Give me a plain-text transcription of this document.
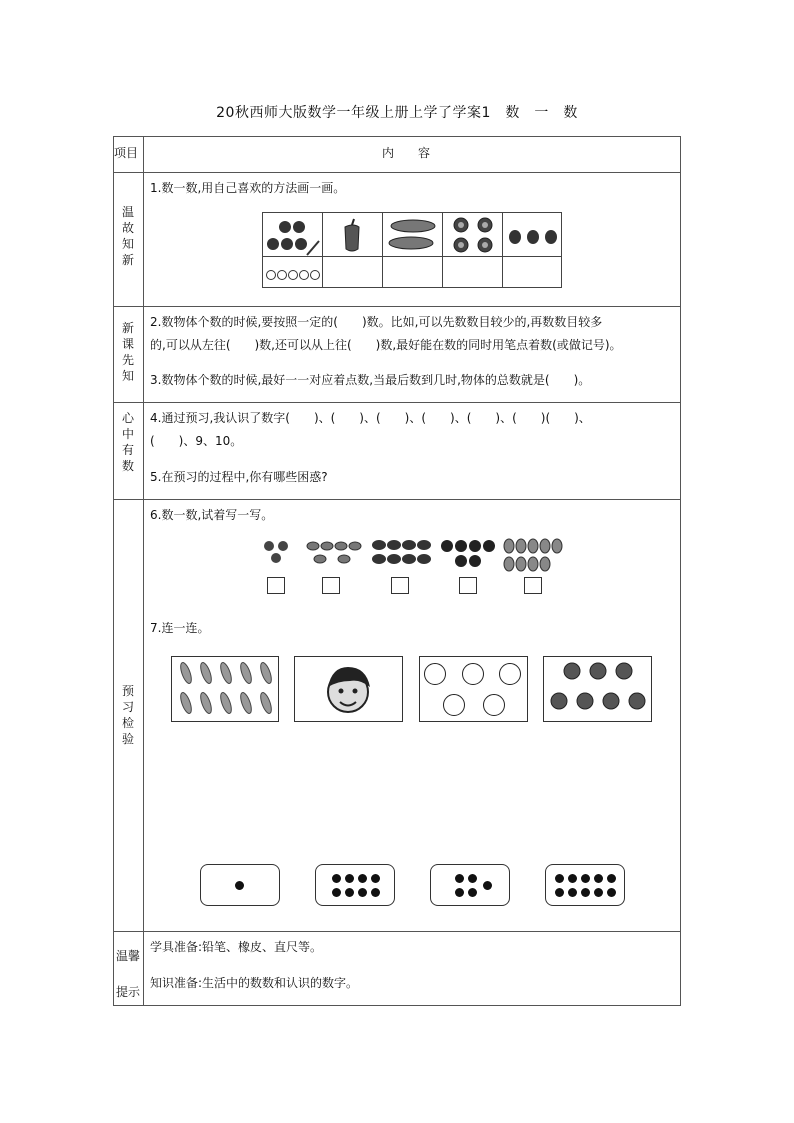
20秋西师大版数学一年级上册上学了学案1　数　一　数
项目	内　　容
温
故
知
新
新
课
先
知
心
中
有
数
预
习
检
验
温馨
提示
1.数一数,用自己喜欢的方法画一画。
2.数物体个数的时候,要按照一定的(　　)数。比如,可以先数数目较少的,再数数目较多
的,可以从左往(　　)数,还可以从上往(　　)数,最好能在数的同时用笔点着数(或做记号)。
3.数物体个数的时候,最好一一对应着点数,当最后数到几时,物体的总数就是(　　)。
4.通过预习,我认识了数字(　　)、(　　)、(　　)、(　　)、(　　)、(　　)(　　)、
(　　)、9、10。
5.在预习的过程中,你有哪些困惑?
6.数一数,试着写一写。
7.连一连。
学具准备:铅笔、橡皮、直尺等。
知识准备:生活中的数数和认识的数字。
